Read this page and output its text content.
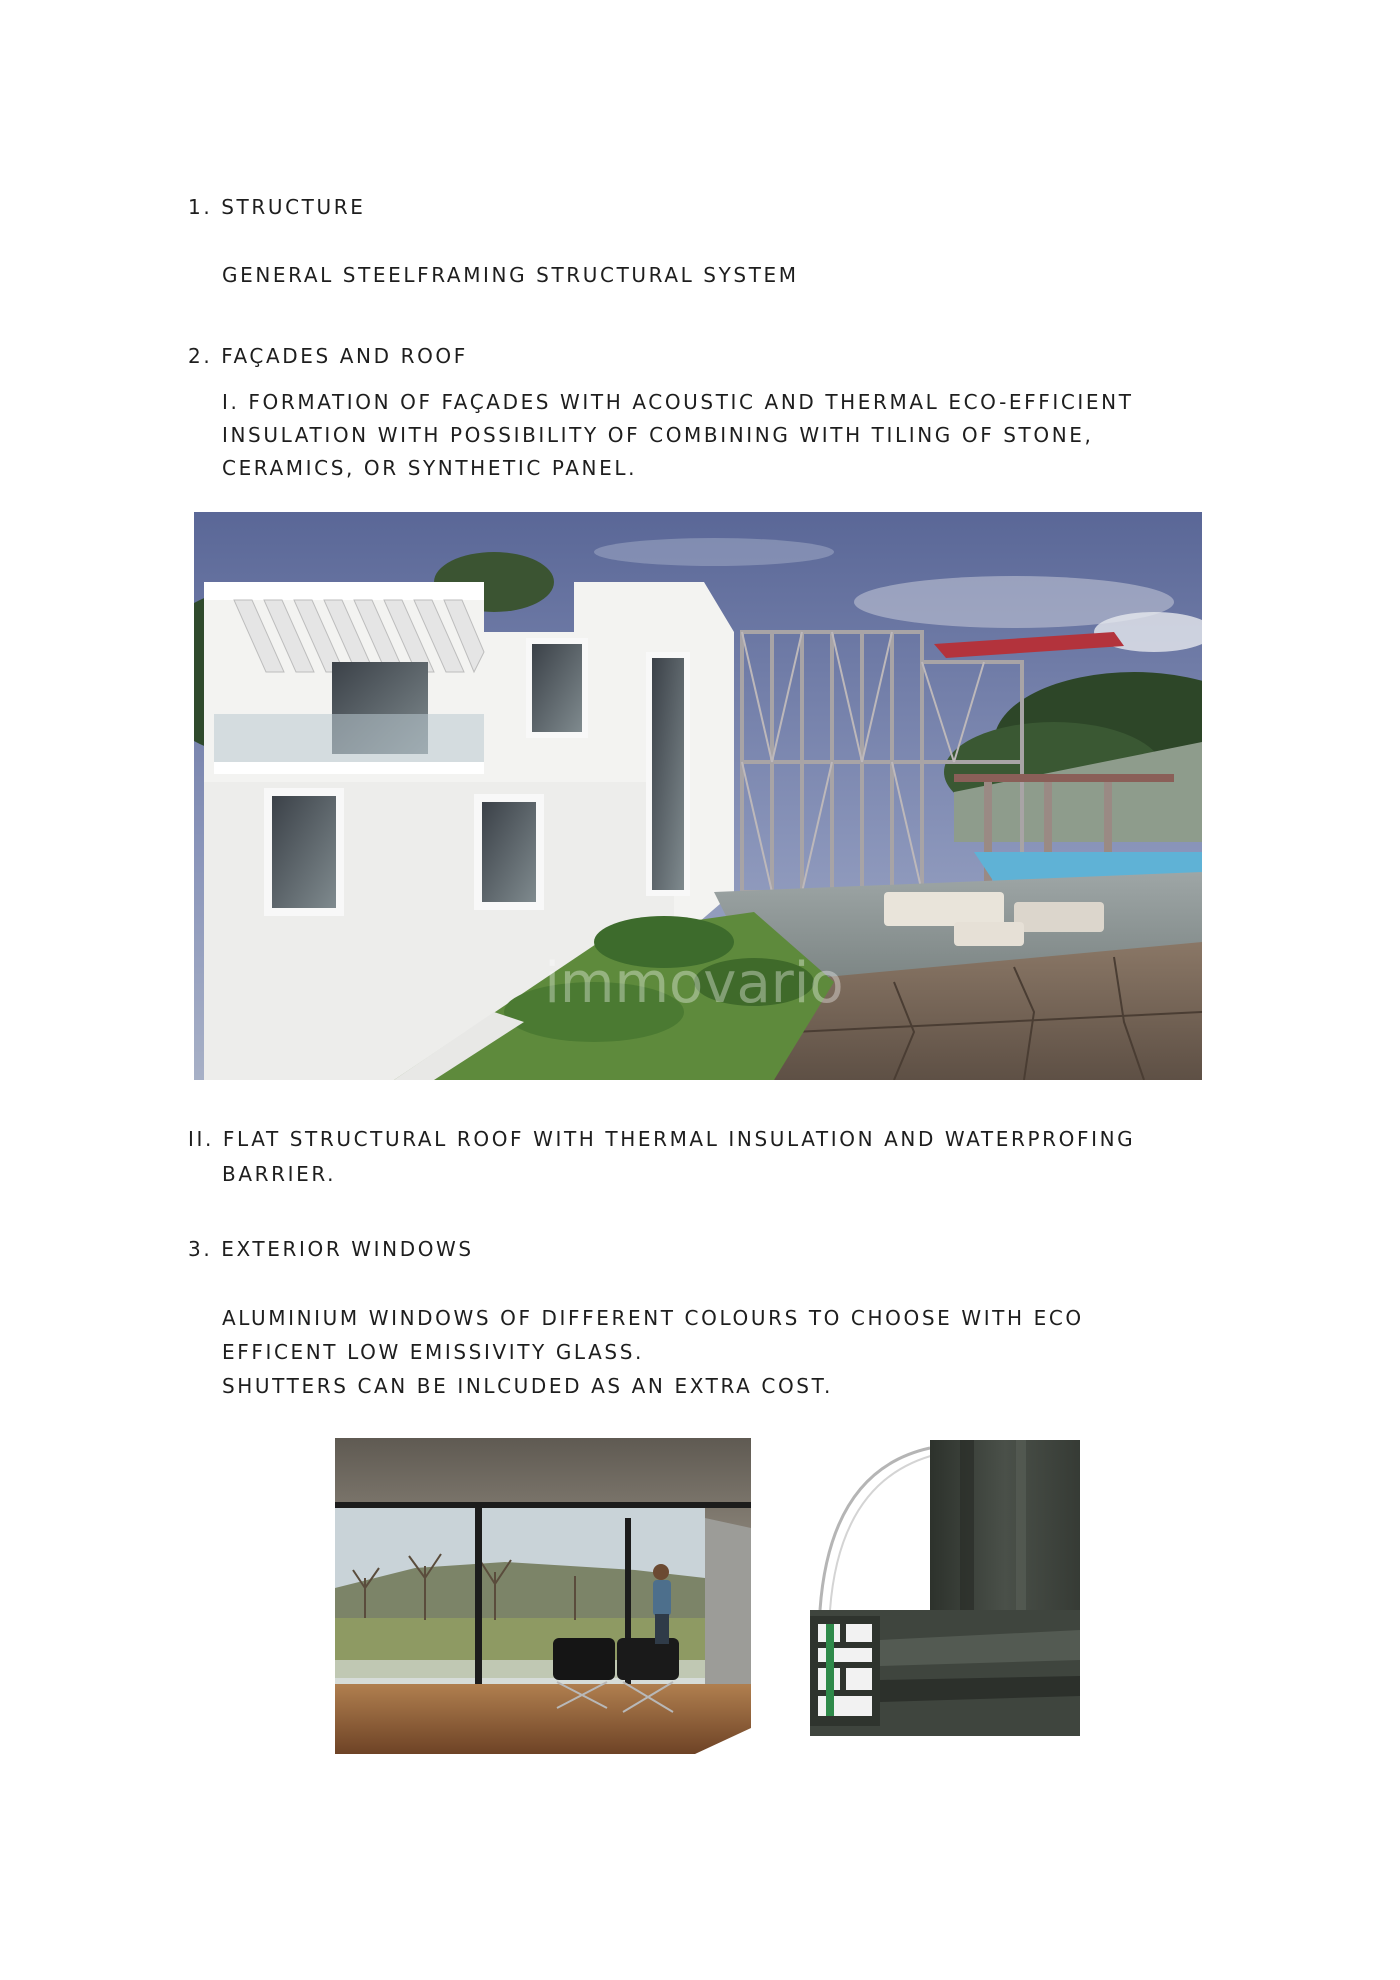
1. STRUCTURE

GENERAL STEELFRAMING STRUCTURAL SYSTEM

2. FAÇADES AND ROOF

I. FORMATION OF FAÇADES WITH ACOUSTIC AND THERMAL ECO-EFFICIENT

INSULATION WITH POSSIBILITY OF COMBINING WITH TILING OF STONE,

CERAMICS, OR SYNTHETIC PANEL.

immovario

II. FLAT STRUCTURAL ROOF WITH THERMAL INSULATION AND WATERPROFING

BARRIER.

3. EXTERIOR WINDOWS

ALUMINIUM WINDOWS OF DIFFERENT COLOURS TO CHOOSE WITH ECO

EFFICENT LOW EMISSIVITY GLASS.

SHUTTERS CAN BE INLCUDED AS AN EXTRA COST.
